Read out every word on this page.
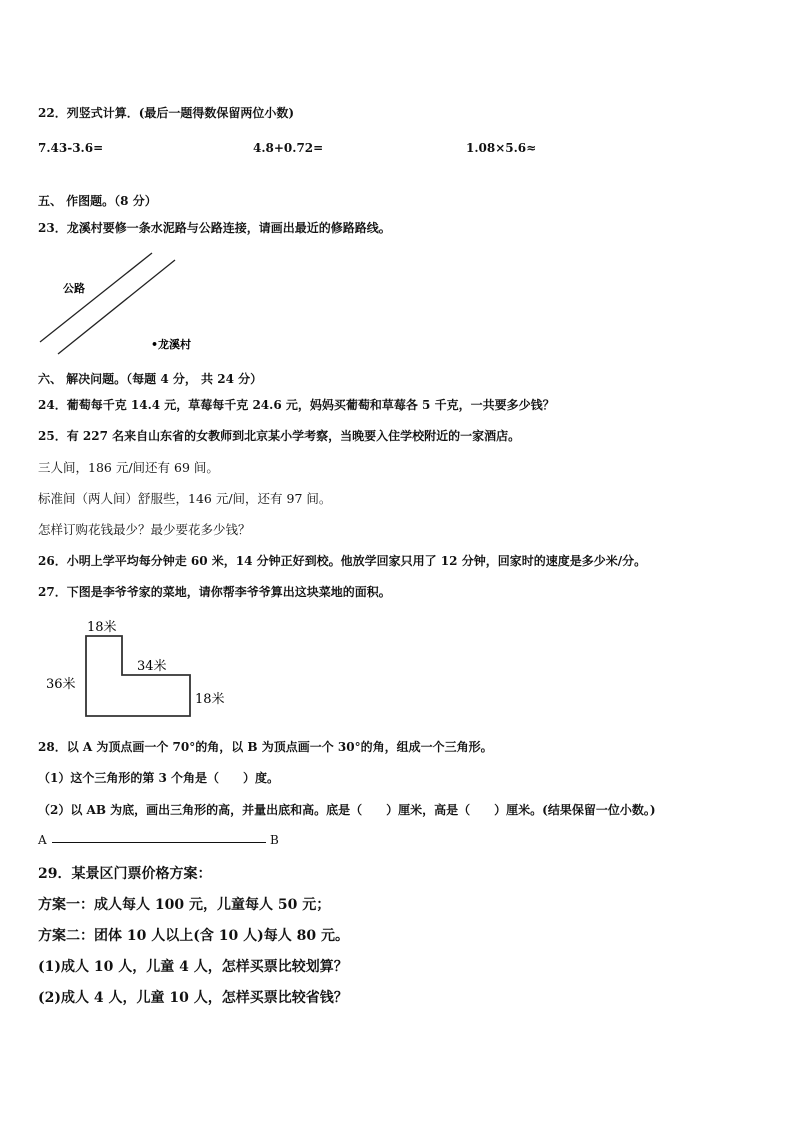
22．列竖式计算．(最后一题得数保留两位小数)
7.43-3.6=	4.8+0.72=	1.08×5.6≈
五、 作图题。（8 分）
23．龙溪村要修一条水泥路与公路连接，请画出最近的修路路线。
公路
•龙溪村
六、 解决问题。（每题 4 分， 共 24 分）
24．葡萄每千克 14.4 元，草莓每千克 24.6 元，妈妈买葡萄和草莓各 5 千克，一共要多少钱？
25．有 227 名来自山东省的女教师到北京某小学考察，当晚要入住学校附近的一家酒店。
三人间，186 元/间还有 69 间。
标准间（两人间）舒服些，146 元/间，还有 97 间。
怎样订购花钱最少？最少要花多少钱？
26．小明上学平均每分钟走 60 米，14 分钟正好到校。他放学回家只用了 12 分钟，回家时的速度是多少米/分。
27．下图是李爷爷家的菜地，请你帮李爷爷算出这块菜地的面积。
18米
34米
36米
18米
28．以 A 为顶点画一个 70°的角，以 B 为顶点画一个 30°的角，组成一个三角形。
（1）这个三角形的第 3 个角是（　　）度。
（2）以 AB 为底，画出三角形的高，并量出底和高。底是（　　）厘米，高是（　　）厘米。(结果保留一位小数。)
A	B
29．某景区门票价格方案：
方案一：成人每人 100 元，儿童每人 50 元；
方案二：团体 10 人以上(含 10 人)每人 80 元。
(1)成人 10 人，儿童 4 人，怎样买票比较划算？
(2)成人 4 人，儿童 10 人，怎样买票比较省钱？
